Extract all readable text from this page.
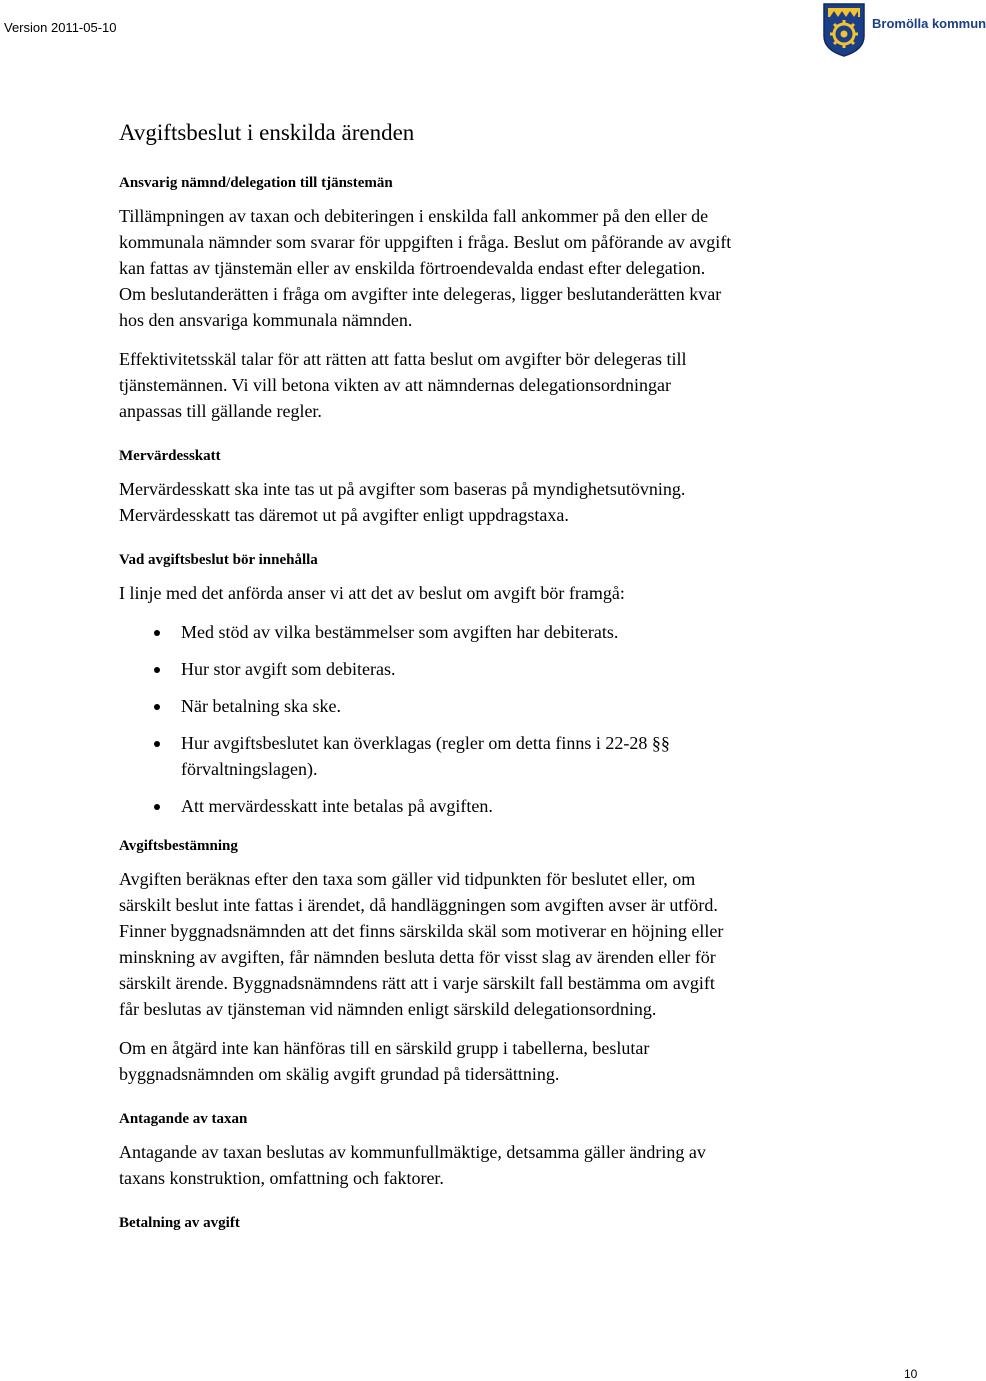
Version 2011-05-10	Bromölla kommun
Avgiftsbeslut i enskilda ärenden
Ansvarig nämnd/delegation till tjänstemän

Tillämpningen av taxan och debiteringen i enskilda fall ankommer på den eller de kommunala nämnder som svarar för uppgiften i fråga. Beslut om påförande av avgift kan fattas av tjänstemän eller av enskilda förtroendevalda endast efter delegation. Om beslutanderätten i fråga om avgifter inte delegeras, ligger beslutanderätten kvar hos den ansvariga kommunala nämnden.

Effektivitetsskäl talar för att rätten att fatta beslut om avgifter bör delegeras till tjänstemännen. Vi vill betona vikten av att nämndernas delegationsordningar anpassas till gällande regler.

Mervärdesskatt

Mervärdesskatt ska inte tas ut på avgifter som baseras på myndighetsutövning. Mervärdesskatt tas däremot ut på avgifter enligt uppdragstaxa.

Vad avgiftsbeslut bör innehålla

I linje med det anförda anser vi att det av beslut om avgift bör framgå:

Med stöd av vilka bestämmelser som avgiften har debiterats.
Hur stor avgift som debiteras.
När betalning ska ske.
Hur avgiftsbeslutet kan överklagas (regler om detta finns i 22-28 §§ förvaltningslagen).
Att mervärdesskatt inte betalas på avgiften.
Avgiftsbestämning

Avgiften beräknas efter den taxa som gäller vid tidpunkten för beslutet eller, om särskilt beslut inte fattas i ärendet, då handläggningen som avgiften avser är utförd. Finner byggnadsnämnden att det finns särskilda skäl som motiverar en höjning eller minskning av avgiften, får nämnden besluta detta för visst slag av ärenden eller för särskilt ärende. Byggnadsnämndens rätt att i varje särskilt fall bestämma om avgift får beslutas av tjänsteman vid nämnden enligt särskild delegationsordning.

Om en åtgärd inte kan hänföras till en särskild grupp i tabellerna, beslutar byggnadsnämnden om skälig avgift grundad på tidersättning.

Antagande av taxan

Antagande av taxan beslutas av kommunfullmäktige, detsamma gäller ändring av taxans konstruktion, omfattning och faktorer.

Betalning av avgift
10
